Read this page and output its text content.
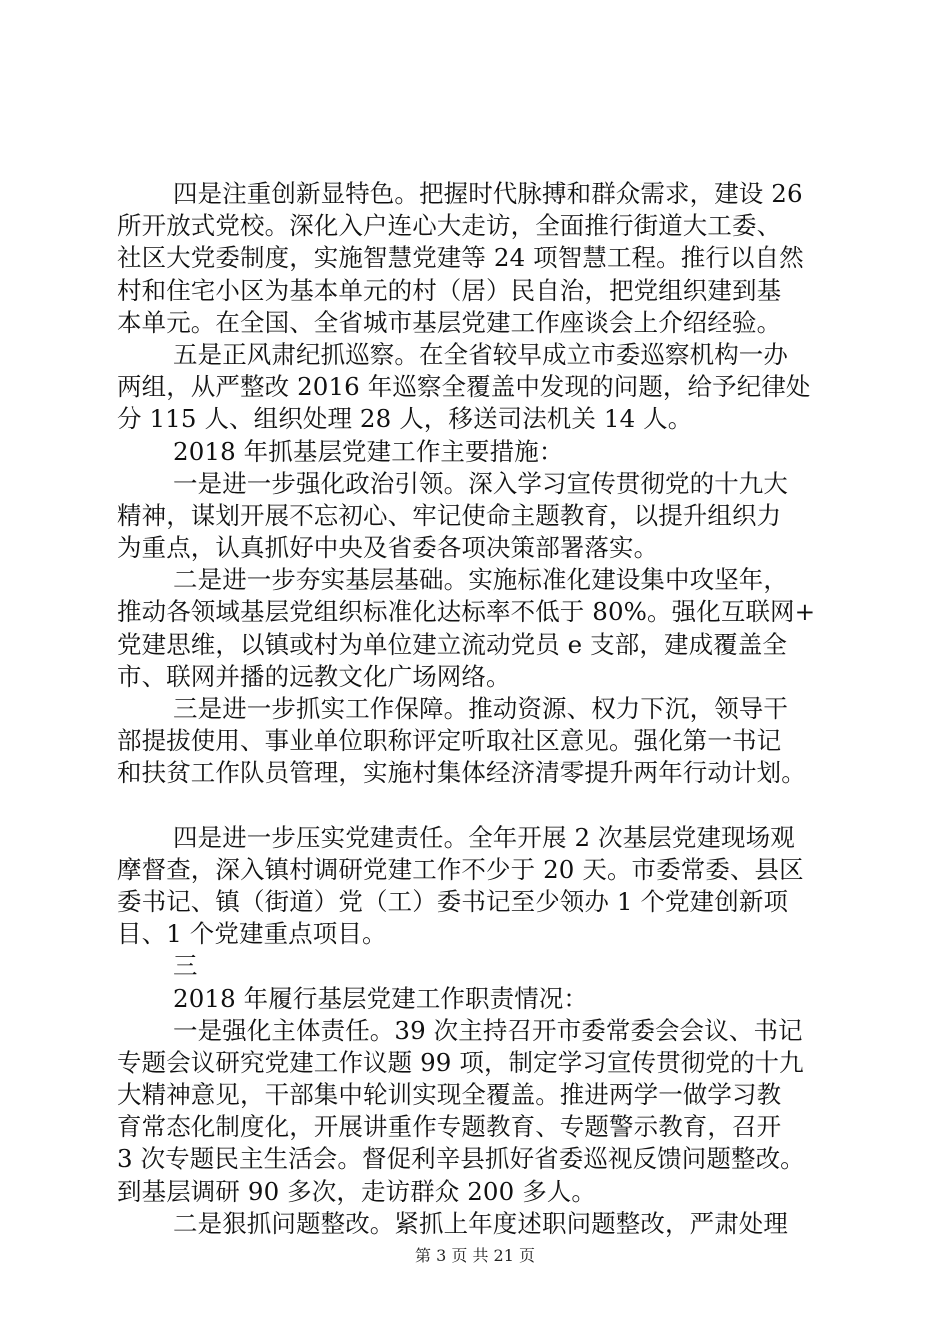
四是注重创新显特色。把握时代脉搏和群众需求，建设 26
所开放式党校。深化入户连心大走访，全面推行街道大工委、
社区大党委制度，实施智慧党建等 24 项智慧工程。推行以自然
村和住宅小区为基本单元的村（居）民自治，把党组织建到基
本单元。在全国、全省城市基层党建工作座谈会上介绍经验。
五是正风肃纪抓巡察。在全省较早成立市委巡察机构一办
两组，从严整改 2016 年巡察全覆盖中发现的问题，给予纪律处
分 115 人、组织处理 28 人，移送司法机关 14 人。
2018 年抓基层党建工作主要措施：
一是进一步强化政治引领。深入学习宣传贯彻党的十九大
精神，谋划开展不忘初心、牢记使命主题教育，以提升组织力
为重点，认真抓好中央及省委各项决策部署落实。
二是进一步夯实基层基础。实施标准化建设集中攻坚年，
推动各领域基层党组织标准化达标率不低于 80%。强化互联网+
党建思维，以镇或村为单位建立流动党员 e 支部，建成覆盖全
市、联网并播的远教文化广场网络。
三是进一步抓实工作保障。推动资源、权力下沉，领导干
部提拔使用、事业单位职称评定听取社区意见。强化第一书记
和扶贫工作队员管理，实施村集体经济清零提升两年行动计划。
四是进一步压实党建责任。全年开展 2 次基层党建现场观
摩督查，深入镇村调研党建工作不少于 20 天。市委常委、县区
委书记、镇（街道）党（工）委书记至少领办 1 个党建创新项
目、1 个党建重点项目。
三
2018 年履行基层党建工作职责情况：
一是强化主体责任。39 次主持召开市委常委会会议、书记
专题会议研究党建工作议题 99 项，制定学习宣传贯彻党的十九
大精神意见，干部集中轮训实现全覆盖。推进两学一做学习教
育常态化制度化，开展讲重作专题教育、专题警示教育，召开
3 次专题民主生活会。督促利辛县抓好省委巡视反馈问题整改。
到基层调研 90 多次，走访群众 200 多人。
二是狠抓问题整改。紧抓上年度述职问题整改，严肃处理
第 3 页 共 21 页
